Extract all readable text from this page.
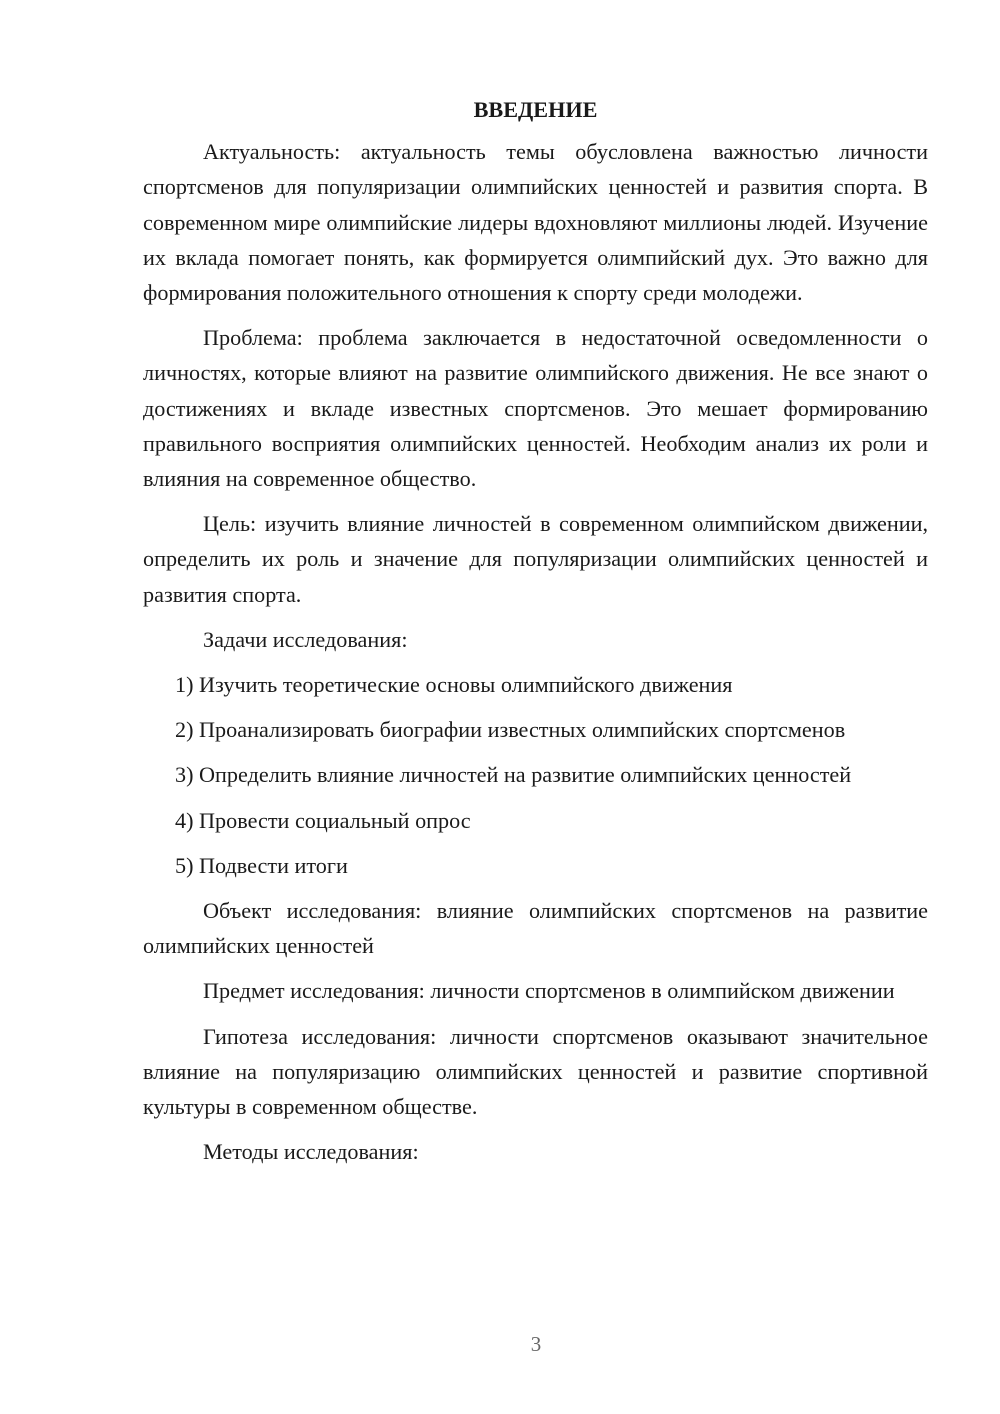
ВВЕДЕНИЕ

Актуальность: актуальность темы обусловлена важностью личности спортсменов для популяризации олимпийских ценностей и развития спорта. В современном мире олимпийские лидеры вдохновляют миллионы людей. Изучение их вклада помогает понять, как формируется олимпийский дух. Это важно для формирования положительного отношения к спорту среди молодежи.

Проблема: проблема заключается в недостаточной осведомленности о личностях, которые влияют на развитие олимпийского движения. Не все знают о достижениях и вкладе известных спортсменов. Это мешает формированию правильного восприятия олимпийских ценностей. Необходим анализ их роли и влияния на современное общество.

Цель: изучить влияние личностей в современном олимпийском движении, определить их роль и значение для популяризации олимпийских ценностей и развития спорта.

Задачи исследования:

1) Изучить теоретические основы олимпийского движения
2) Проанализировать биографии известных олимпийских спортсменов
3) Определить влияние личностей на развитие олимпийских ценностей
4) Провести социальный опрос
5) Подвести итоги

Объект исследования: влияние олимпийских спортсменов на развитие олимпийских ценностей

Предмет исследования: личности спортсменов в олимпийском движении

Гипотеза исследования: личности спортсменов оказывают значительное влияние на популяризацию олимпийских ценностей и развитие спортивной культуры в современном обществе.

Методы исследования:

3
